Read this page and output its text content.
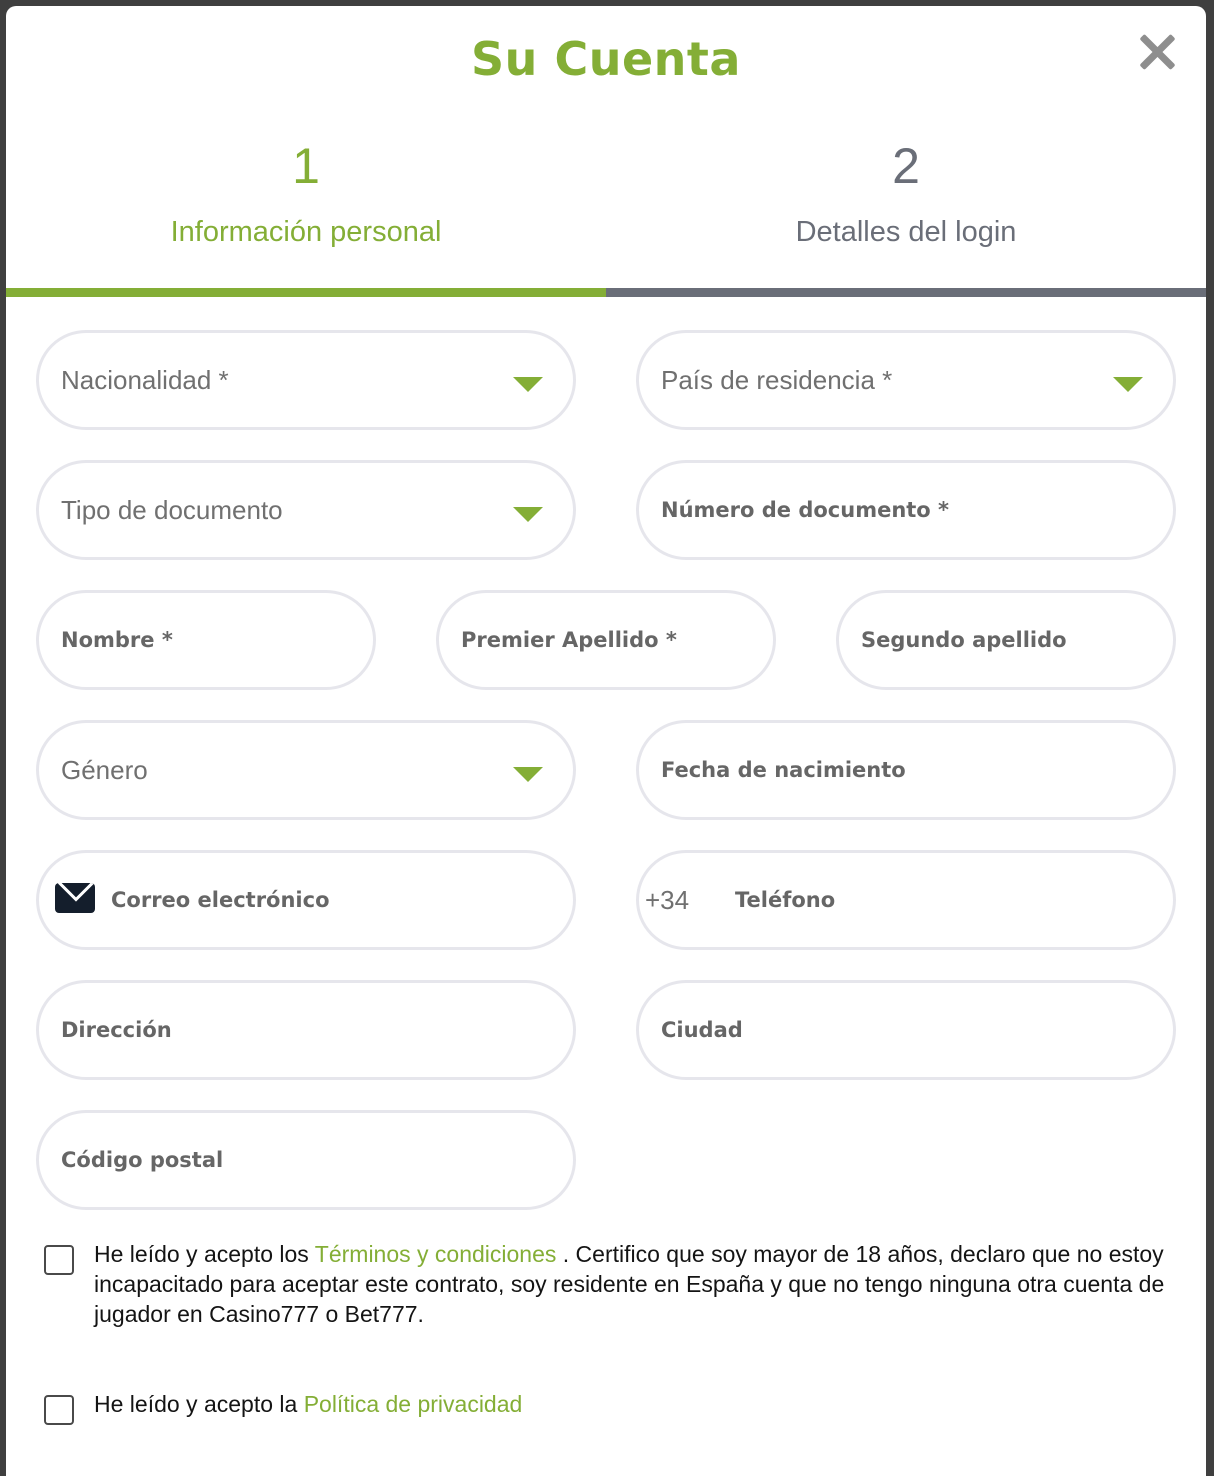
Su Cuenta
1
Información personal
2
Detalles del login
Nacionalidad *	País de residencia *
Tipo de documento	Número de documento *
Nombre *	Premier Apellido *	Segundo apellido
Género	Fecha de nacimiento
Correo electrónico	+34 Teléfono
Dirección	Ciudad
Código postal
He leído y acepto los Términos y condiciones . Certifico que soy mayor de 18 años, declaro que no estoy incapacitado para aceptar este contrato, soy residente en España y que no tengo ninguna otra cuenta de jugador en Casino777 o Bet777.
He leído y acepto la Política de privacidad
